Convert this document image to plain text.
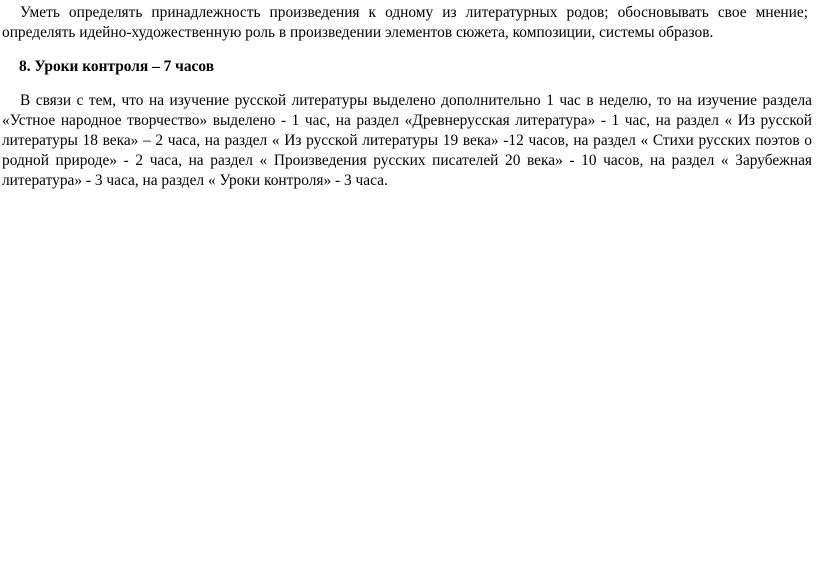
Уметь определять принадлежность произведения к одному из литературных родов; обосновывать свое мнение; определять идейно-художественную роль в произведении элементов сюжета, композиции, системы образов.

8. Уроки контроля – 7 часов

В связи с тем, что на изучение русской литературы выделено дополнительно 1 час в неделю, то на изучение раздела «Устное народное творчество» выделено - 1 час, на раздел «Древнерусская литература» - 1 час, на раздел « Из русской литературы 18 века» – 2 часа, на раздел « Из русской литературы 19 века» -12 часов, на раздел « Стихи русских поэтов о родной природе» - 2 часа, на раздел « Произведения русских писателей 20 века» - 10 часов, на раздел « Зарубежная литература» - 3 часа, на раздел « Уроки контроля» - 3 часа.
